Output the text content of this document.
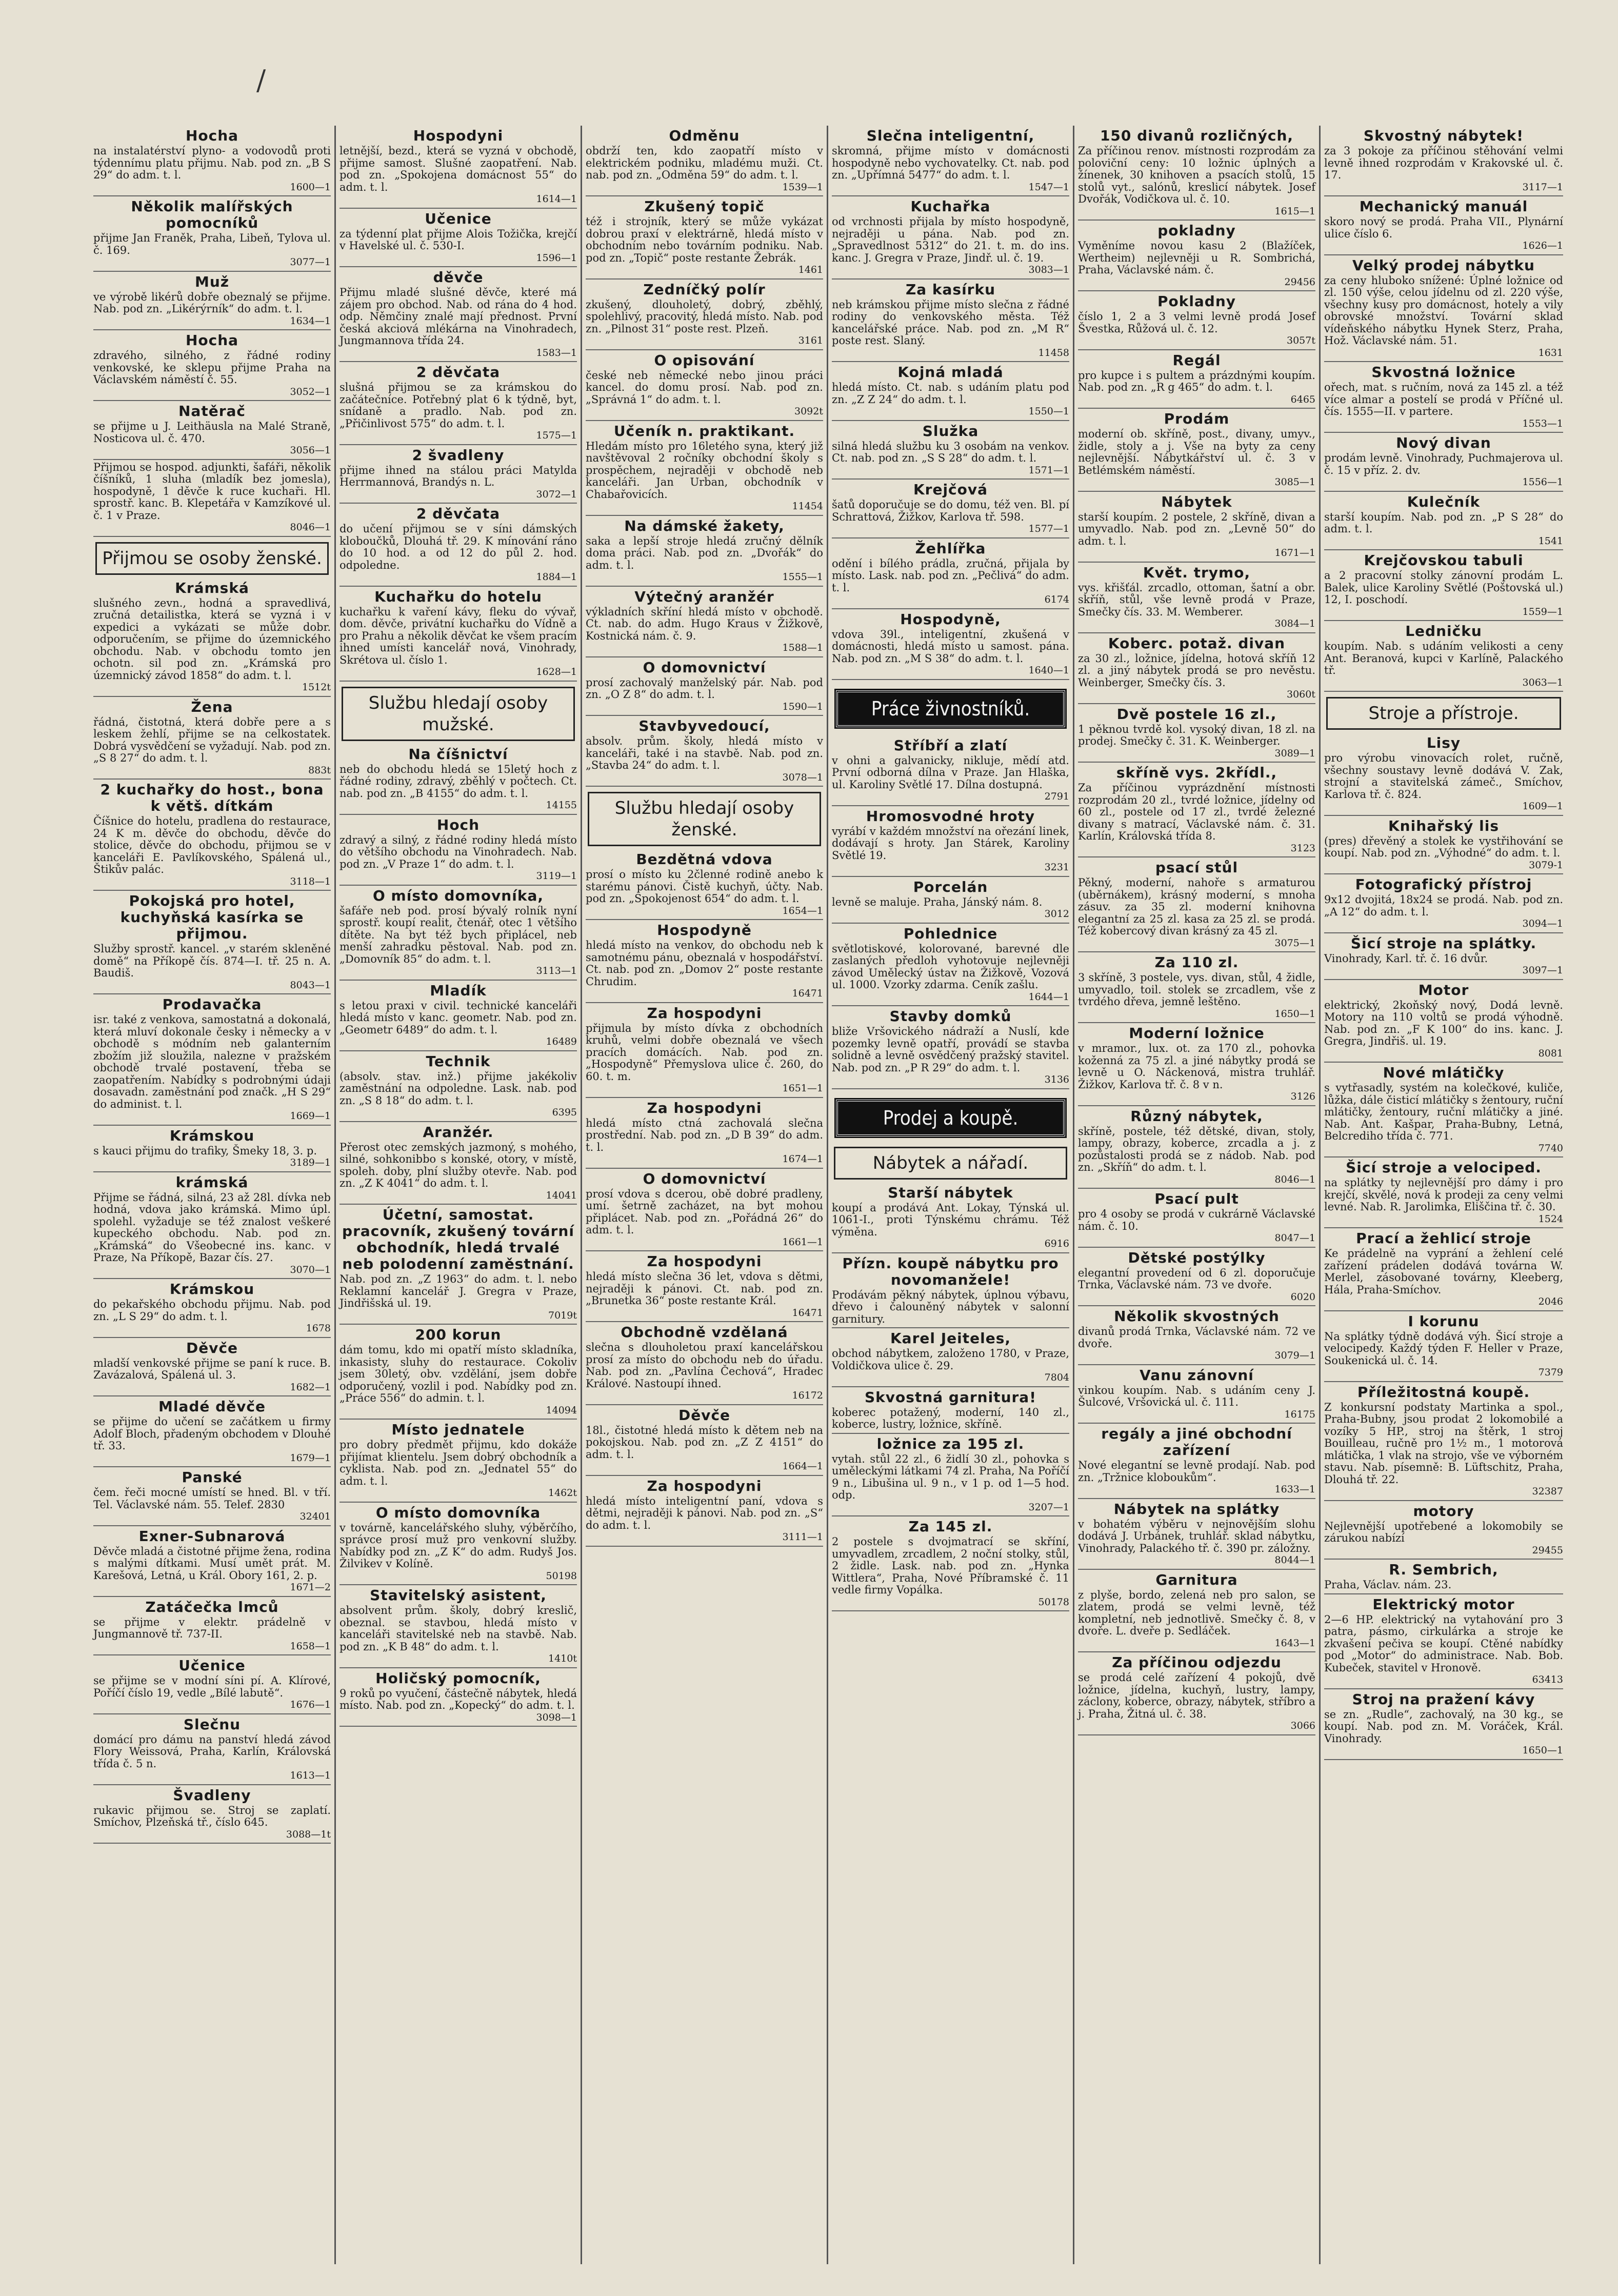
/
Hocha
na instalatérství plyno- a vodovodů proti týdennímu platu přijmu. Nab. pod zn. „B S 29“ do adm. t. l.
1600—1
Několik malířských pomocníků
přijme Jan Franěk, Praha, Libeň, Tylova ul. č. 169.
3077—1
Muž
ve výrobě likérů dobře obeznalý se přijme. Nab. pod zn. „Likérýrník“ do adm. t. l.
1634—1
Hocha
zdravého, silného, z řádné rodiny venkovské, ke sklepu přijme Praha na Václavském náměstí č. 55.
3052—1
Natěrač
se přijme u J. Leithäusla na Malé Straně, Nosticova ul. č. 470.
3056—1
Přijmou se hospod. adjunkti, šafáři, několik číšníků, 1 sluha (mladík bez jomesla), hospodyně, 1 děvče k ruce kuchaři. Hl. sprostř. kanc. B. Klepetářa v Kamzíkové ul. č. 1 v Praze.
8046—1
Přijmou se osoby ženské.
Krámská
slušného zevn., hodná a spravedlivá, zručná detailistka, která se vyzná i v expedici a vykázati se může dobr. odporučením, se přijme do územnického obchodu. Nab. v obchodu tomto jen ochotn. sil pod zn. „Krámská pro územnický závod 1858“ do adm. t. l.
1512t
Žena
řádná, čistotná, která dobře pere a s leskem žehlí, přijme se na celkostatek. Dobrá vysvědčení se vyžadují. Nab. pod zn. „S 8 27“ do adm. t. l.
883t
2 kuchařky do host., bona k větš. dítkám
Číšnice do hotelu, pradlena do restaurace, 24 K m. děvče do obchodu, děvče do stolice, děvče do obchodu, přijmou se v kanceláři E. Pavlíkovského, Spálená ul., Štikův palác.
3118—1
Pokojská pro hotel, kuchyňská kasírka se přijmou.
Služby sprostř. kancel. „v starém skleněné domě“ na Příkopě čís. 874—I. tř. 25 n. A. Baudiš.
8043—1
Prodavačka
isr. také z venkova, samostatná a dokonalá, která mluví dokonale česky i německy a v obchodě s módním neb galanterním zbožím již sloužila, nalezne v pražském obchodě trvalé postavení, třeba se zaopatřením. Nabídky s podrobnými údaji dosavadn. zaměstnání pod značk. „H S 29“ do administ. t. l.
1669—1
Krámskou
s kauci přijmu do trafiky, Šmeky 18, 3. p.
3189—1
krámská
Přijme se řádná, silná, 23 až 28l. dívka neb hodná, vdova jako krámská. Mimo úpl. spolehl. vyžaduje se též znalost veškeré kupeckého obchodu. Nab. pod zn. „Krámská“ do Všeobecné ins. kanc. v Praze, Na Příkopě, Bazar čís. 27.
3070—1
Krámskou
do pekařského obchodu přijmu. Nab. pod zn. „L S 29“ do adm. t. l.
1678
Děvče
mladší venkovské přijme se paní k ruce. B. Zavázalová, Spálená ul. 3.
1682—1
Mladé děvče
se přijme do učení se začátkem u firmy Adolf Bloch, přadeným obchodem v Dlouhé tř. 33.
1679—1
Panské
čem. řeči mocné umístí se hned. Bl. v tří. Tel. Václavské nám. 55. Telef. 2830
32401
Exner-Subnarová
Děvče mladá a čistotné přijme žena, rodina s malými dítkami. Musí umět prát. M. Karešová, Letná, u Král. Obory 161, 2. p.
1671—2
Zatáčečka lmců
se přijme v elektr. prádelně v Jungmannově tř. 737-II.
1658—1
Učenice
se přijme se v modní síni pí. A. Klírové, Poříčí číslo 19, vedle „Bílé labutě“.
1676—1
Slečnu
domácí pro dámu na panství hledá závod Flory Weissová, Praha, Karlín, Královská třída č. 5 n.
1613—1
Švadleny
rukavic přijmou se. Stroj se zaplatí. Smíchov, Plzeňská tř., číslo 645.
3088—1t
Hospodyni
letnější, bezd., která se vyzná v obchodě, přijme samost. Slušné zaopatření. Nab. pod zn. „Spokojena domácnost 55“ do adm. t. l.
1614—1
Učenice
za týdenní plat přijme Alois Tožička, krejčí v Havelské ul. č. 530-I.
1596—1
děvče
Přijmu mladé slušné děvče, které má zájem pro obchod. Nab. od rána do 4 hod. odp. Němčiny znalé mají přednost. První česká akciová mlékárna na Vinohradech, Jungmannova třída 24.
1583—1
2 děvčata
slušná přijmou se za krámskou do začátečníce. Potřebný plat 6 k týdně, byt, snídaně a pradlo. Nab. pod zn. „Přičinlivost 575“ do adm. t. l.
1575—1
2 švadleny
přijme ihned na stálou práci Matylda Herrmannová, Brandýs n. L.
3072—1
2 děvčata
do učení přijmou se v síni dámských kloboučků, Dlouhá tř. 29. K mínování ráno do 10 hod. a od 12 do půl 2. hod. odpoledne.
1884—1
Kuchařku do hotelu
kuchařku k vaření kávy, fleku do vývař, dom. děvče, privátní kuchařku do Vídně a pro Prahu a několik děvčat ke všem pracím ihned umísti kancelář nová, Vinohrady, Skrétova ul. číslo 1.
1628—1
Službu hledají osoby mužské.
Na číšnictví
neb do obchodu hledá se 15letý hoch z řádné rodiny, zdravý, zběhlý v počtech. Ct. nab. pod zn. „B 4155“ do adm. t. l.
14155
Hoch
zdravý a silný, z řádné rodiny hledá místo do většího obchodu na Vinohradech. Nab. pod zn. „V Praze 1“ do adm. t. l.
3119—1
O místo domovníka,
šafáře neb pod. prosí bývalý rolník nyní sprostř. koupí realit, čtenář, otec 1 většího dítěte. Na byt též bych připlácel, neb menší zahradku pěstoval. Nab. pod zn. „Domovník 85“ do adm. t. l.
3113—1
Mladík
s letou praxi v civil. technické kanceláři hledá místo v kanc. geometr. Nab. pod zn. „Geometr 6489“ do adm. t. l.
16489
Technik
(absolv. stav. inž.) přijme jakékoliv zaměstnání na odpoledne. Lask. nab. pod zn. „S 8 18“ do adm. t. l.
6395
Aranžér.
Přerost otec zemských jazmoný, s mohého, silné, sohkonibbo s konské, otory, v místě, spoleh. doby, plní služby otevře. Nab. pod zn. „Z K 4041“ do adm. t. l.
14041
Účetní, samostat. pracovník, zkušený tovární obchodník, hledá trvalé neb polodenní zaměstnání.
Nab. pod zn. „Z 1963“ do adm. t. l. nebo Reklamní kancelář J. Gregra v Praze, Jindřišská ul. 19.
7019t
200 korun
dám tomu, kdo mi opatří místo skladníka, inkasisty, sluhy do restaurace. Cokoliv jsem 30letý, obv. vzdělání, jsem dobře odporučený, vozlil i pod. Nabídky pod zn. „Práce 556“ do admin. t. l.
14094
Místo jednatele
pro dobry předmět přijmu, kdo dokáže přijímat klientelu. Jsem dobrý obchodník a cyklista. Nab. pod zn. „Jednatel 55“ do adm. t. l.
1462t
O místo domovníka
v továrně, kancelářského sluhy, výběrčího, správce prosí muž pro venkovní služby. Nabídky pod zn. „Z K“ do adm. Rudyš Jos. Žilvikev v Kolíně.
50198
Stavitelský asistent,
absolvent prům. školy, dobrý kreslič, obeznal. se stavbou, hledá místo v kanceláři stavitelské neb na stavbě. Nab. pod zn. „K B 48“ do adm. t. l.
1410t
Holičský pomocník,
9 roků po vyučení, částečně nábytek, hledá místo. Nab. pod zn. „Kopecký“ do adm. t. l.
3098—1
Odměnu
obdrží ten, kdo zaopatří místo v elektrickém podniku, mladému muži. Ct. nab. pod zn. „Odměna 59“ do adm. t. l.
1539—1
Zkušený topič
též i strojník, který se může vykázat dobrou praxí v elektrárně, hledá místo v obchodním nebo továrním podniku. Nab. pod zn. „Topič“ poste restante Žebrák.
1461
Zedníčký polír
zkušený, dlouholetý, dobrý, zběhlý, spolehlivý, pracovitý, hledá místo. Nab. pod zn. „Pilnost 31“ poste rest. Plzeň.
3161
O opisování
české neb německé nebo jinou práci kancel. do domu prosí. Nab. pod zn. „Správná 1“ do adm. t. l.
3092t
Učeník n. praktikant.
Hledám místo pro 16letého syna, který již navštěvoval 2 ročníky obchodní školy s prospěchem, nejraději v obchodě neb kanceláři. Jan Urban, obchodník v Chabařovicích.
11454
Na dámské žakety,
saka a lepší stroje hledá zručný dělník doma práci. Nab. pod zn. „Dvořák“ do adm. t. l.
1555—1
Výtečný aranžér
výkladních skříní hledá místo v obchodě. Ct. nab. do adm. Hugo Kraus v Žižkově, Kostnická nám. č. 9.
1588—1
O domovnictví
prosí zachovalý manželský pár. Nab. pod zn. „O Z 8“ do adm. t. l.
1590—1
Stavbyvedoucí,
absolv. prům. školy, hledá místo v kanceláři, také i na stavbě. Nab. pod zn. „Stavba 24“ do adm. t. l.
3078—1
Službu hledají osoby ženské.
Bezdětná vdova
prosí o místo ku 2členné rodině anebo k starému pánovi. Čistě kuchyň, účty. Nab. pod zn. „Spokojenost 654“ do adm. t. l.
1654—1
Hospodyně
hledá místo na venkov, do obchodu neb k samotnému pánu, obeznalá v hospodářství. Ct. nab. pod zn. „Domov 2“ poste restante Chrudim.
16471
Za hospodyni
přijmula by místo dívka z obchodních kruhů, velmi dobře obeznalá ve všech pracích domácích. Nab. pod zn. „Hospodyně“ Přemyslova ulice č. 260, do 60. t. m.
1651—1
Za hospodyni
hledá místo ctná zachovalá slečna prostřední. Nab. pod zn. „D B 39“ do adm. t. l.
1674—1
O domovnictví
prosí vdova s dcerou, obě dobré pradleny, umí. šetrně zacházet, na byt mohou připlácet. Nab. pod zn. „Pořádná 26“ do adm. t. l.
1661—1
Za hospodyni
hledá místo slečna 36 let, vdova s dětmi, nejraději k pánovi. Ct. nab. pod zn. „Brunetka 36“ poste restante Král.
16471
Obchodně vzdělaná
slečna s dlouholetou praxí kancelářskou prosí za místo do obchodu neb do úřadu. Nab. pod zn. „Pavlína Čechová“, Hradec Králové. Nastoupí ihned.
16172
Děvče
18l., čistotné hledá místo k dětem neb na pokojskou. Nab. pod zn. „Z Z 4151“ do adm. t. l.
1664—1
Za hospodyni
hledá místo inteligentní paní, vdova s dětmi, nejraději k pánovi. Nab. pod zn. „S“ do adm. t. l.
3111—1
Slečna inteligentní,
skromná, přijme místo v domácnosti hospodyně nebo vychovatelky. Ct. nab. pod zn. „Upřímná 5477“ do adm. t. l.
1547—1
Kuchařka
od vrchnosti přijala by místo hospodyně, nejraději u pána. Nab. pod zn. „Spravedlnost 5312“ do 21. t. m. do ins. kanc. J. Gregra v Praze, Jindř. ul. č. 19.
3083—1
Za kasírku
neb krámskou přijme místo slečna z řádné rodiny do venkovského města. Též kancelářské práce. Nab. pod zn. „M R“ poste rest. Slaný.
11458
Kojná mladá
hledá místo. Ct. nab. s udáním platu pod zn. „Z Z 24“ do adm. t. l.
1550—1
Služka
silná hledá službu ku 3 osobám na venkov. Ct. nab. pod zn. „S S 28“ do adm. t. l.
1571—1
Krejčová
šatů doporučuje se do domu, též ven. Bl. pí Schrattová, Žižkov, Karlova tř. 598.
1577—1
Žehlířka
odění i bílého prádla, zručná, přijala by místo. Lask. nab. pod zn. „Pečlivá“ do adm. t. l.
6174
Hospodyně,
vdova 39l., inteligentní, zkušená v domácnosti, hledá místo u samost. pána. Nab. pod zn. „M S 38“ do adm. t. l.
1640—1
Práce živnostníků.
Stříbří a zlatí
v ohni a galvanicky, nikluje, mědí atd. První odborná dílna v Praze. Jan Hlaška, ul. Karoliny Světlé 17. Dílna dostupná.
2791
Hromosvodné hroty
vyrábí v každém množství na ořezání linek, dodávají s hroty. Jan Stárek, Karoliny Světlé 19.
3231
Porcelán
levně se maluje. Praha, Jánský nám. 8.
3012
Pohlednice
světlotiskové, kolorované, barevné dle zaslaných předloh vyhotovuje nejlevněji závod Umělecký ústav na Žižkově, Vozová ul. 1000. Vzorky zdarma. Ceník zašlu.
1644—1
Stavby domků
bliže Vršovického nádraží a Nuslí, kde pozemky levně opatří, provádí se stavba solidně a levně osvědčený pražský stavitel. Nab. pod zn. „P R 29“ do adm. t. l.
3136
Prodej a koupě.
Nábytek a nářadí.
Starší nábytek
koupí a prodává Ant. Lokay, Týnská ul. 1061-I., proti Týnskému chrámu. Též výměna.
6916
Přízn. koupě nábytku pro novomanžele!
Prodávám pěkný nábytek, úplnou výbavu, dřevo i čalouněný nábytek v salonní garnitury.
Karel Jeiteles,
obchod nábytkem, založeno 1780, v Praze, Voldičkova ulice č. 29.
7804
Skvostná garnitura!
koberec potažený, moderní, 140 zl., koberce, lustry, ložnice, skříně.
ložnice za 195 zl.
vytah. stůl 22 zl., 6 židlí 30 zl., pohovka s uměleckými látkami 74 zl. Praha, Na Poříčí 9 n., Libušina ul. 9 n., v 1 p. od 1—5 hod. odp.
3207—1
Za 145 zl.
2 postele s dvojmatrací se skříní, umyvadlem, zrcadlem, 2 noční stolky, stůl, 2 židle. Lask. nab. pod zn. „Hynka Wittlera“, Praha, Nové Příbramské č. 11 vedle firmy Vopálka.
50178
150 divanů rozličných,
Za příčinou renov. místnosti rozprodám za poloviční ceny: 10 ložnic úplných a žínenek, 30 knihoven a psacích stolů, 15 stolů vyt., salónů, kreslicí nábytek. Josef Dvořák, Vodičkova ul. č. 10.
1615—1
pokladny
Vyměníme novou kasu 2 (Blažíček, Wertheim) nejlevněji u R. Sombrichá, Praha, Václavské nám. č.
29456
Pokladny
číslo 1, 2 a 3 velmi levně prodá Josef Švestka, Růžová ul. č. 12.
3057t
Regál
pro kupce i s pultem a prázdnými koupím. Nab. pod zn. „R g 465“ do adm. t. l.
6465
Prodám
moderní ob. skříně, post., divany, umyv., židle, stoly a j. Vše na byty za ceny nejlevnější. Nábytkářství ul. č. 3 v Betlémském náměstí.
3085—1
Nábytek
starší koupím. 2 postele, 2 skříně, divan a umyvadlo. Nab. pod zn. „Levně 50“ do adm. t. l.
1671—1
Květ. trymo,
vys. křišťál. zrcadlo, ottoman, šatní a obr. skříň, stůl, vše levně prodá v Praze, Smečky čís. 33. M. Wemberer.
3084—1
Koberc. potaž. divan
za 30 zl., ložnice, jídelna, hotová skříň 12 zl. a jiný nábytek prodá se pro nevěstu. Weinberger, Smečky čís. 3.
3060t
Dvě postele 16 zl.,
1 pěknou tvrdě kol. vysoký divan, 18 zl. na prodej. Smečky č. 31. K. Weinberger.
3089—1
skříně vys. 2křídl.,
Za příčinou vyprázdnění místnosti rozprodám 20 zl., tvrdé ložnice, jídelny od 60 zl., postele od 17 zl., tvrdé železné divany s matrací, Václavské nám. č. 31. Karlín, Královská třída 8.
3123
psací stůl
Pěkný, moderní, nahoře s armaturou (uběrnákem), krásný moderní, s mnoha zásuv. za 35 zl. moderní knihovna elegantní za 25 zl. kasa za 25 zl. se prodá. Též kobercový divan krásný za 45 zl.
3075—1
Za 110 zl.
3 skříně, 3 postele, vys. divan, stůl, 4 židle, umyvadlo, toil. stolek se zrcadlem, vše z tvrdého dřeva, jemně leštěno.
1650—1
Moderní ložnice
v mramor., lux. ot. za 170 zl., pohovka koženná za 75 zl. a jiné nábytky prodá se levně u O. Náckenová, mistra truhlář. Žižkov, Karlova tř. č. 8 v n.
3126
Různý nábytek,
skříně, postele, též dětské, divan, stoly, lampy, obrazy, koberce, zrcadla a j. z pozůstalosti prodá se z nádob. Nab. pod zn. „Skříň“ do adm. t. l.
8046—1
Psací pult
pro 4 osoby se prodá v cukrárně Václavské nám. č. 10.
8047—1
Dětské postýlky
elegantní provedení od 6 zl. doporučuje Trnka, Václavské nám. 73 ve dvoře.
6020
Několik skvostných
divanů prodá Trnka, Václavské nám. 72 ve dvoře.
3079—1
Vanu zánovní
vinkou koupím. Nab. s udáním ceny J. Šulcové, Vršovická ul. č. 111.
16175
regály a jiné obchodní zařízení
Nové elegantní se levně prodají. Nab. pod zn. „Tržnice kloboukům“.
1633—1
Nábytek na splátky
v bohatém výběru v nejnovějším slohu dodává J. Urbánek, truhlář. sklad nábytku, Vinohrady, Palackého tř. č. 390 pr. záložny.
8044—1
Garnitura
z plyše, bordo, zelená neb pro salon, se zlatem, prodá se velmi levně, též kompletní, neb jednotlivě. Smečky č. 8, v dvoře. L. dveře p. Sedláček.
1643—1
Za příčinou odjezdu
se prodá celé zařízení 4 pokojů, dvě ložnice, jídelna, kuchyň, lustry, lampy, záclony, koberce, obrazy, nábytek, stříbro a j. Praha, Žitná ul. č. 38.
3066
Skvostný nábytek!
za 3 pokoje za příčinou stěhování velmi levně ihned rozprodám v Krakovské ul. č. 17.
3117—1
Mechanický manuál
skoro nový se prodá. Praha VII., Plynární ulice číslo 6.
1626—1
Velký prodej nábytku
za ceny hluboko snížené: Úplné ložnice od zl. 150 výše, celou jídelnu od zl. 220 výše, všechny kusy pro domácnost, hotely a vily obrovské množství. Tovární sklad vídeňského nábytku Hynek Sterz, Praha, Hož. Václavské nám. 51.
1631
Skvostná ložnice
ořech, mat. s ručním, nová za 145 zl. a též více almar a postelí se prodá v Příčné ul. čís. 1555—II. v partere.
1553—1
Nový divan
prodám levně. Vinohrady, Puchmajerova ul. č. 15 v příz. 2. dv.
1556—1
Kulečník
starší koupím. Nab. pod zn. „P S 28“ do adm. t. l.
1541
Krejčovskou tabuli
a 2 pracovní stolky zánovní prodám L. Balek, ulice Karoliny Světlé (Poštovská ul.) 12, I. poschodí.
1559—1
Ledničku
koupím. Nab. s udáním velikosti a ceny Ant. Beranová, kupci v Karlíně, Palackého tř.
3063—1
Stroje a přístroje.
Lisy
pro výrobu vinovacích rolet, ručně, všechny soustavy levně dodává V. Zak, strojní a stavitelská zámeč., Smíchov, Karlova tř. č. 824.
1609—1
Knihařský lis
(pres) dřevěný a stolek ke vystřihování se koupí. Nab. pod zn. „Výhodné“ do adm. t. l.
3079-1
Fotografický přístroj
9x12 dvojitá, 18x24 se prodá. Nab. pod zn. „A 12“ do adm. t. l.
3094—1
Šicí stroje na splátky.
Vinohrady, Karl. tř. č. 16 dvůr.
3097—1
Motor
elektrický, 2koňský nový, Dodá levně. Motory na 110 voltů se prodá výhodně. Nab. pod zn. „F K 100“ do ins. kanc. J. Gregra, Jindřiš. ul. 19.
8081
Nové mlátičky
s vytřasadly, systém na kolečkové, kuliče, lůžka, dále čisticí mlátičky s žentoury, ruční mlátičky, žentoury, ruční mlátičky a jiné. Nab. Ant. Kašpar, Praha-Bubny, Letná, Belcrediho třída č. 771.
7740
Šicí stroje a velociped.
na splátky ty nejlevnější pro dámy i pro krejčí, skvělé, nová k prodeji za ceny velmi levné. Nab. R. Jarolimka, Eliščina tř. č. 30.
1524
Prací a žehlicí stroje
Ke prádelně na vyprání a žehlení celé zařízení prádelen dodává továrna W. Merlel, zásobované továrny, Kleeberg, Hála, Praha-Smíchov.
2046
I korunu
Na splátky týdně dodává výh. Šicí stroje a velocipedy. Každý týden F. Heller v Praze, Soukenická ul. č. 14.
7379
Příležitostná koupě.
Z konkursní podstaty Martinka a spol., Praha-Bubny, jsou prodat 2 lokomobilé a vozíky 5 HP., stroj na štěrk, 1 stroj Bouilleau, ručně pro 1½ m., 1 motorová mlátička, 1 vlak na strojo, vše ve výborném stavu. Nab. písemně: B. Lüftschitz, Praha, Dlouhá tř. 22.
32387
motory
Nejlevnější upotřebené a lokomobily se zárukou nabízí
29455
R. Sembrich,
Praha, Václav. nám. 23.
Elektrický motor
2—6 HP. elektrický na vytahování pro 3 patra, pásmo, cirkulárka a stroje ke zkvašení pečiva se koupí. Ctěné nabídky pod „Motor“ do administrace. Nab. Bob. Kubeček, stavitel v Hronově.
63413
Stroj na pražení kávy
se zn. „Rudle“, zachovalý, na 30 kg., se koupí. Nab. pod zn. M. Voráček, Král. Vinohrady.
1650—1
